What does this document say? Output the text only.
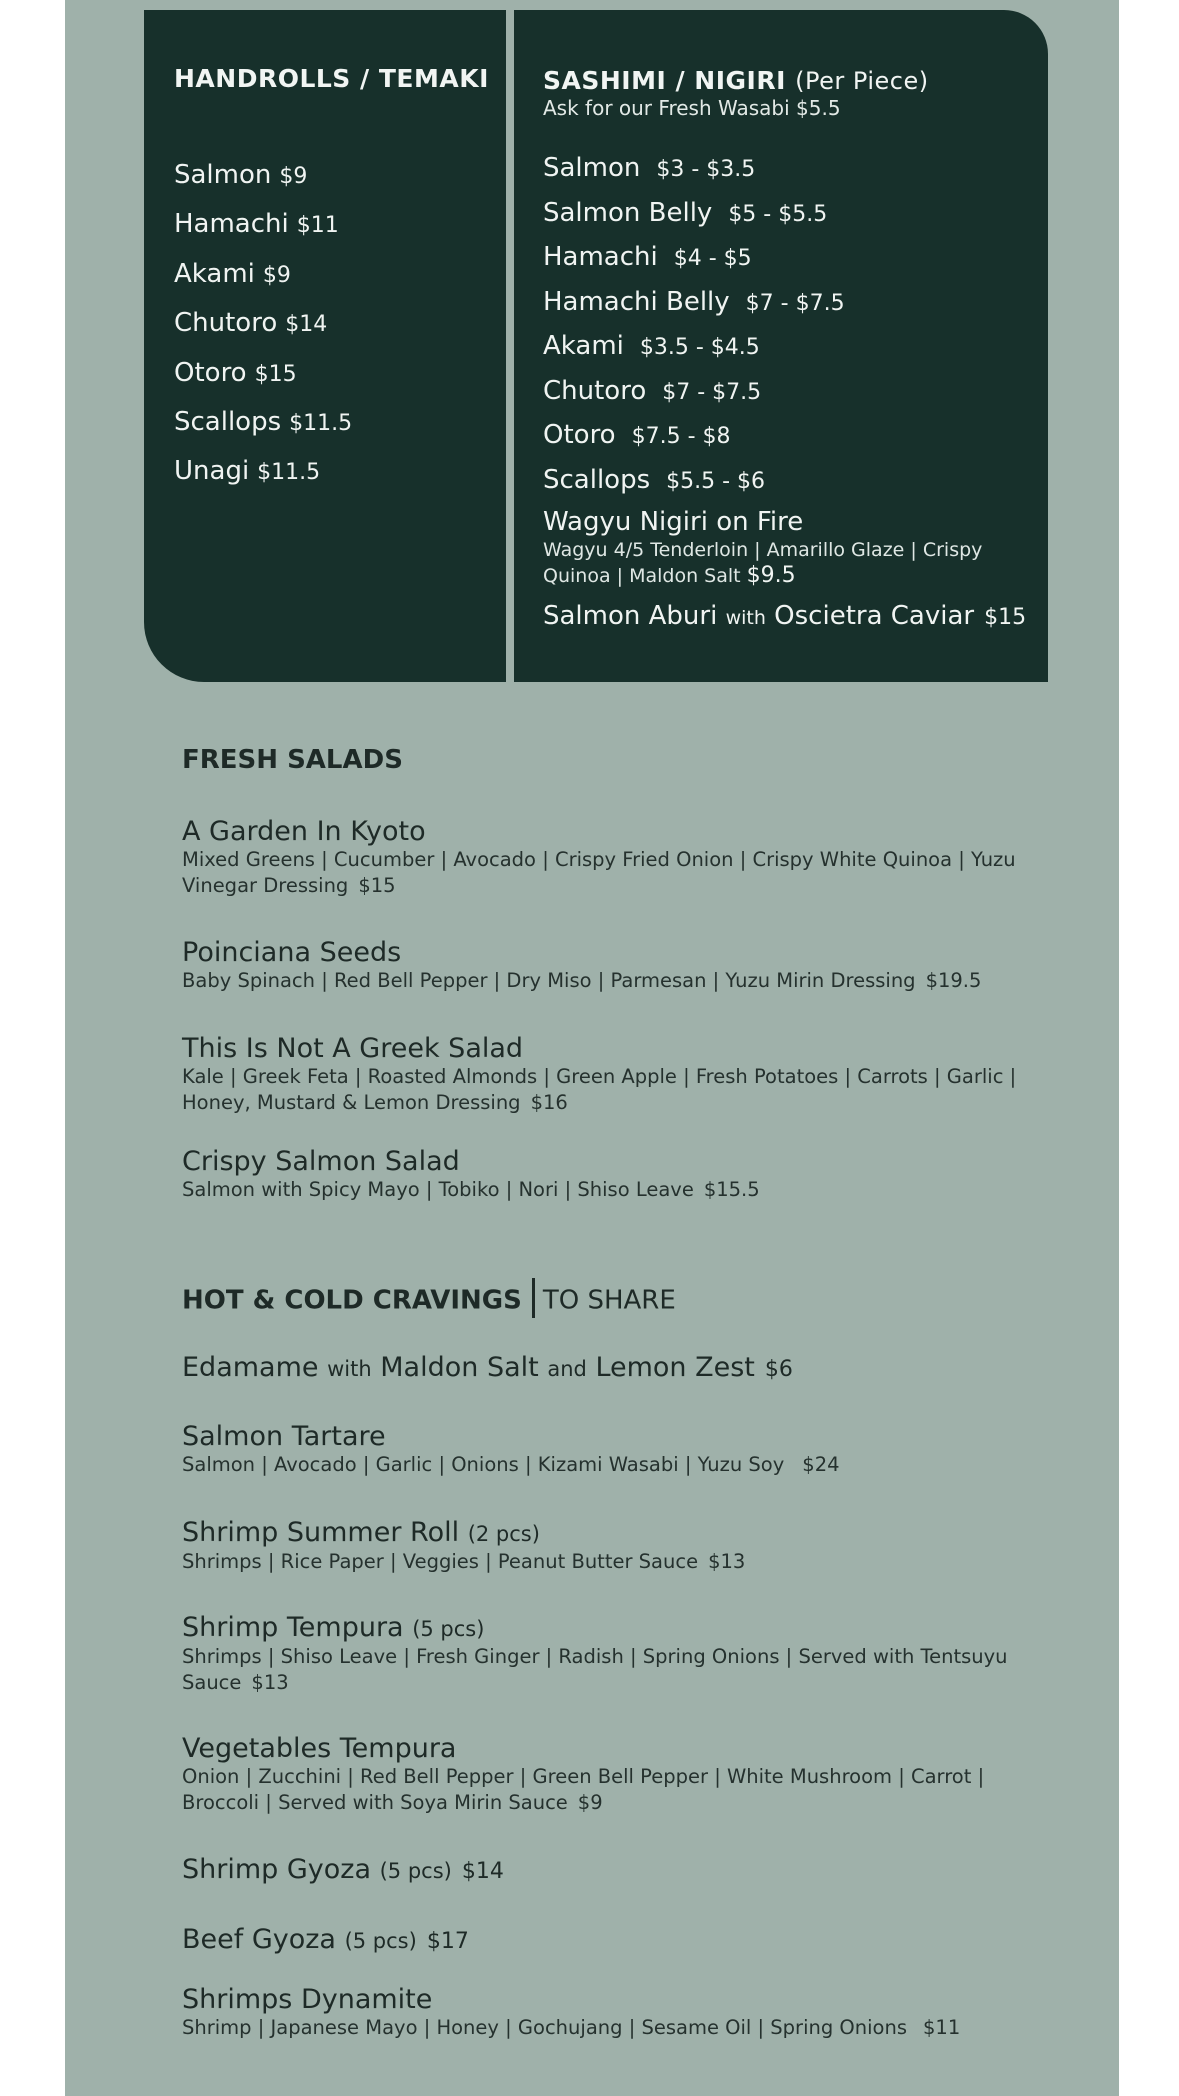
HANDROLLS / TEMAKI
Salmon $9
Hamachi $11
Akami $9
Chutoro $14
Otoro $15
Scallops $11.5
Unagi $11.5
SASHIMI / NIGIRI (Per Piece)
Ask for our Fresh Wasabi $5.5
Salmon $3 - $3.5
Salmon Belly $5 - $5.5
Hamachi $4 - $5
Hamachi Belly $7 - $7.5
Akami $3.5 - $4.5
Chutoro $7 - $7.5
Otoro $7.5 - $8
Scallops $5.5 - $6
Wagyu Nigiri on Fire
Wagyu 4/5 Tenderloin | Amarillo Glaze | Crispy Quinoa | Maldon Salt $9.5
Salmon Aburi with Oscietra Caviar $15
FRESH SALADS
A Garden In Kyoto
Mixed Greens | Cucumber | Avocado | Crispy Fried Onion | Crispy White Quinoa | Yuzu Vinegar Dressing $15
Poinciana Seeds
Baby Spinach | Red Bell Pepper | Dry Miso | Parmesan | Yuzu Mirin Dressing $19.5
This Is Not A Greek Salad
Kale | Greek Feta | Roasted Almonds | Green Apple | Fresh Potatoes | Carrots | Garlic | Honey, Mustard & Lemon Dressing $16
Crispy Salmon Salad
Salmon with Spicy Mayo | Tobiko | Nori | Shiso Leave $15.5
HOT & COLD CRAVINGS TO SHARE
Edamame with Maldon Salt and Lemon Zest $6
Salmon Tartare
Salmon | Avocado | Garlic | Onions | Kizami Wasabi | Yuzu Soy $24
Shrimp Summer Roll (2 pcs)
Shrimps | Rice Paper | Veggies | Peanut Butter Sauce $13
Shrimp Tempura (5 pcs)
Shrimps | Shiso Leave | Fresh Ginger | Radish | Spring Onions | Served with Tentsuyu Sauce $13
Vegetables Tempura
Onion | Zucchini | Red Bell Pepper | Green Bell Pepper | White Mushroom | Carrot | Broccoli | Served with Soya Mirin Sauce $9
Shrimp Gyoza (5 pcs) $14
Beef Gyoza (5 pcs) $17
Shrimps Dynamite
Shrimp | Japanese Mayo | Honey | Gochujang | Sesame Oil | Spring Onions $11
